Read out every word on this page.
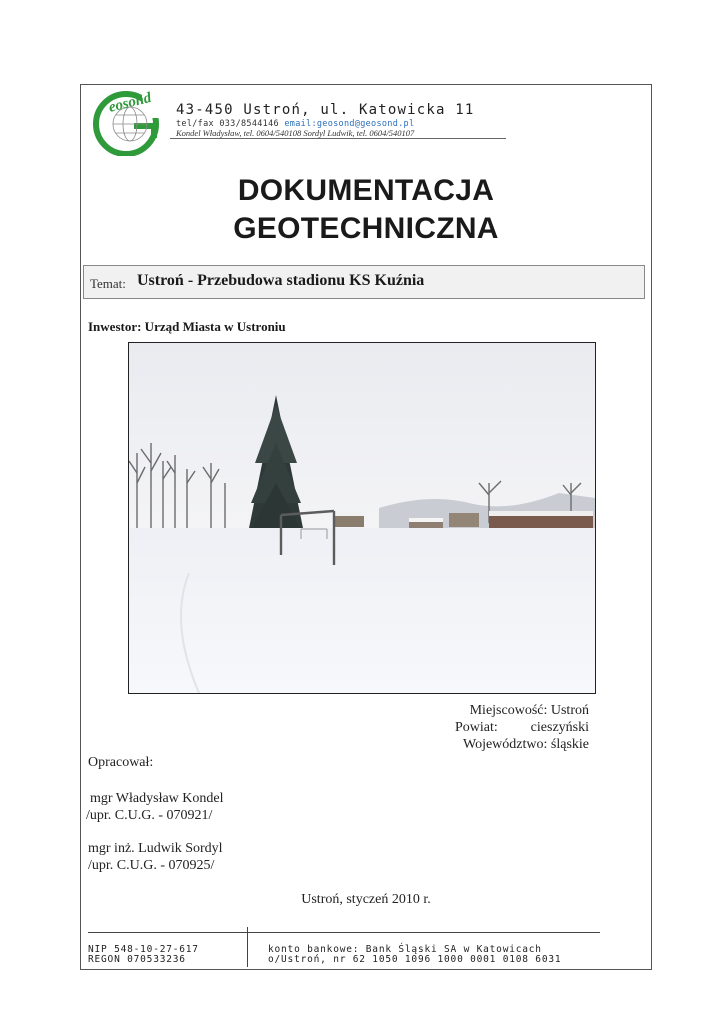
eosond 43-450 Ustroń, ul. Katowicka 11
tel/fax 033/8544146 email:geosond@geosond.pl
Kondel Władysław, tel. 0604/540108 Sordyl Ludwik, tel. 0604/540107
DOKUMENTACJA
GEOTECHNICZNA
Temat: Ustroń - Przebudowa stadionu KS Kuźnia
Inwestor: Urząd Miasta w Ustroniu
Miejscowość: Ustroń
Powiat: cieszyński
Województwo: śląskie
Opracował:
mgr Władysław Kondel
/upr. C.U.G. - 070921/
mgr inż. Ludwik Sordyl
/upr. C.U.G. - 070925/
Ustroń, styczeń 2010 r.
NIP 548-10-27-617
REGON 070533236
konto bankowe: Bank Śląski SA w Katowicach
o/Ustroń, nr 62 1050 1096 1000 0001 0108 6031
